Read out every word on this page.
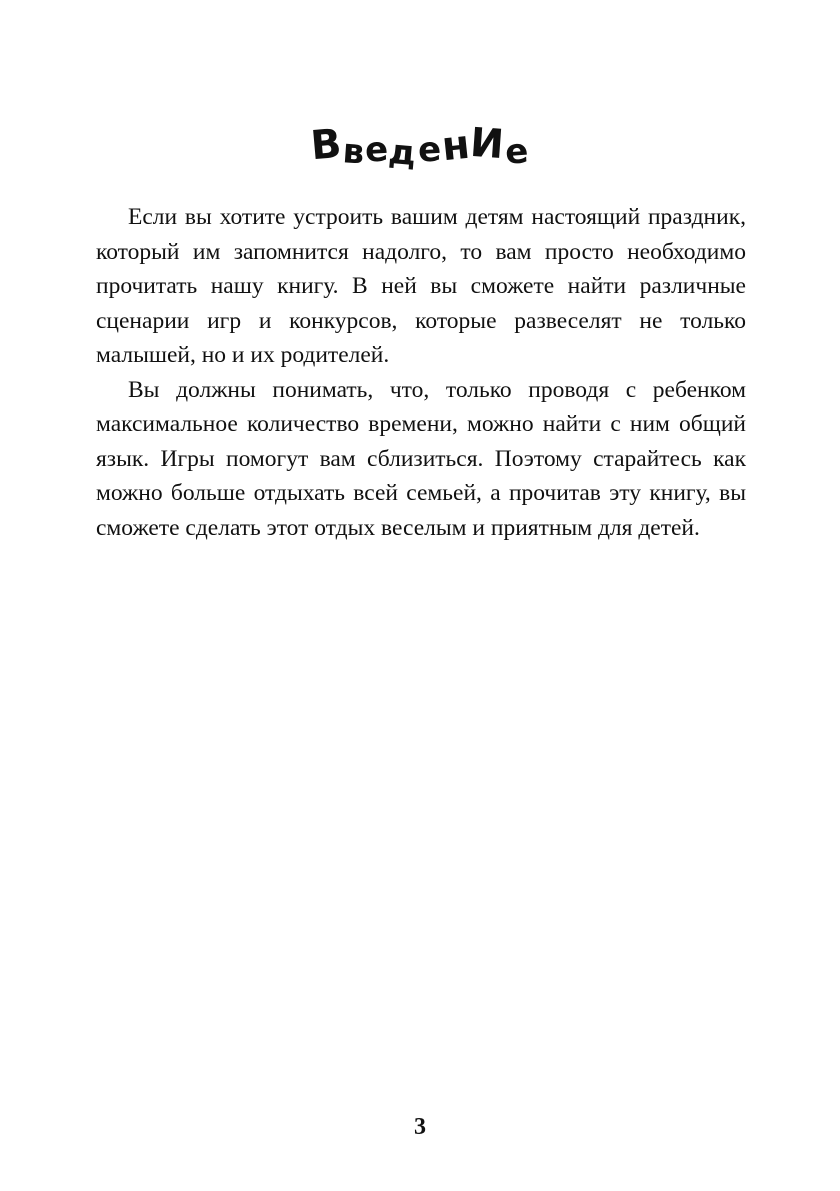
ВведенИе

Если вы хотите устроить вашим детям настоящий праздник, который им запомнится надолго, то вам просто необходимо прочитать нашу книгу. В ней вы сможете найти различные сценарии игр и конкурсов, которые развеселят не только малышей, но и их родителей.

Вы должны понимать, что, только проводя с ребенком максимальное количество времени, можно найти с ним общий язык. Игры помогут вам сблизиться. Поэтому старайтесь как можно больше отдыхать всей семьей, а прочитав эту книгу, вы сможете сделать этот отдых веселым и приятным для детей.

3
